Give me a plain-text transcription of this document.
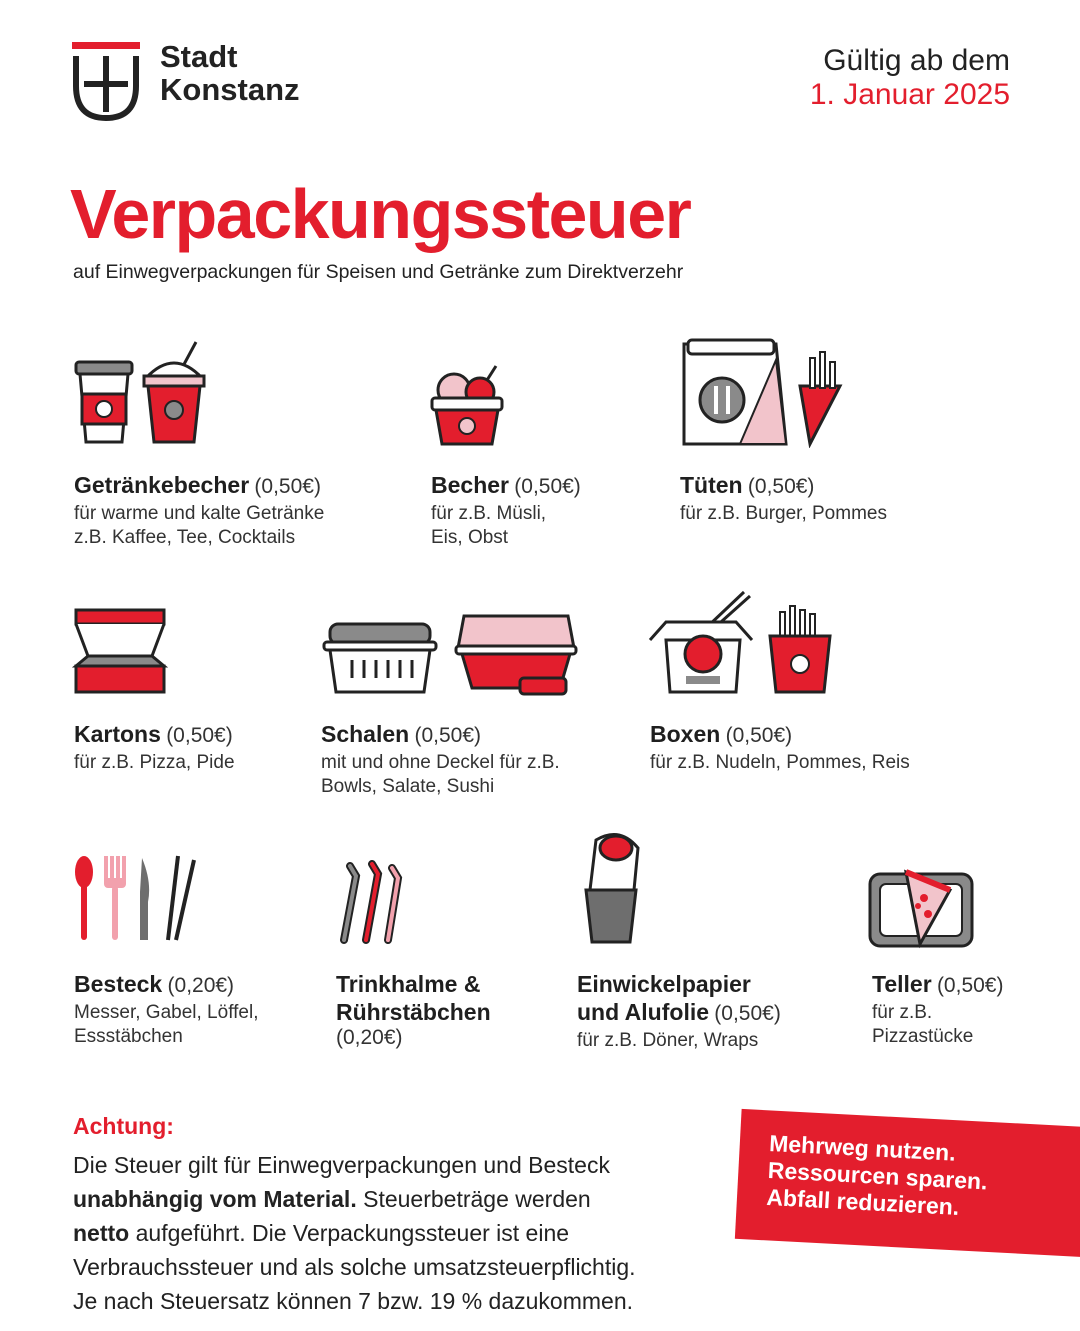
Stadt
Konstanz
Gültig ab dem
1. Januar 2025
Verpackungssteuer
auf Einwegverpackungen für Speisen und Getränke zum Direktverzehr
Getränkebecher (0,50€)
für warme und kalte Getränke
z.B. Kaffee, Tee, Cocktails
Becher (0,50€)
für z.B. Müsli,
Eis, Obst
Tüten (0,50€)
für z.B. Burger, Pommes
Kartons (0,50€)
für z.B. Pizza, Pide
Schalen (0,50€)
mit und ohne Deckel für z.B.
Bowls, Salate, Sushi
Boxen (0,50€)
für z.B. Nudeln, Pommes, Reis
Besteck (0,20€)
Messer, Gabel, Löffel,
Essstäbchen
Trinkhalme &
Rührstäbchen
(0,20€)
Einwickelpapier
und Alufolie (0,50€)
für z.B. Döner, Wraps
Teller (0,50€)
für z.B.
Pizzastücke
Achtung:
Die Steuer gilt für Einwegverpackungen und Besteck
unabhängig vom Material. Steuerbeträge werden
netto aufgeführt. Die Verpackungssteuer ist eine
Verbrauchssteuer und als solche umsatzsteuerpflichtig.
Je nach Steuersatz können 7 bzw. 19 % dazukommen.
Mehrweg nutzen.
Ressourcen sparen.
Abfall reduzieren.
